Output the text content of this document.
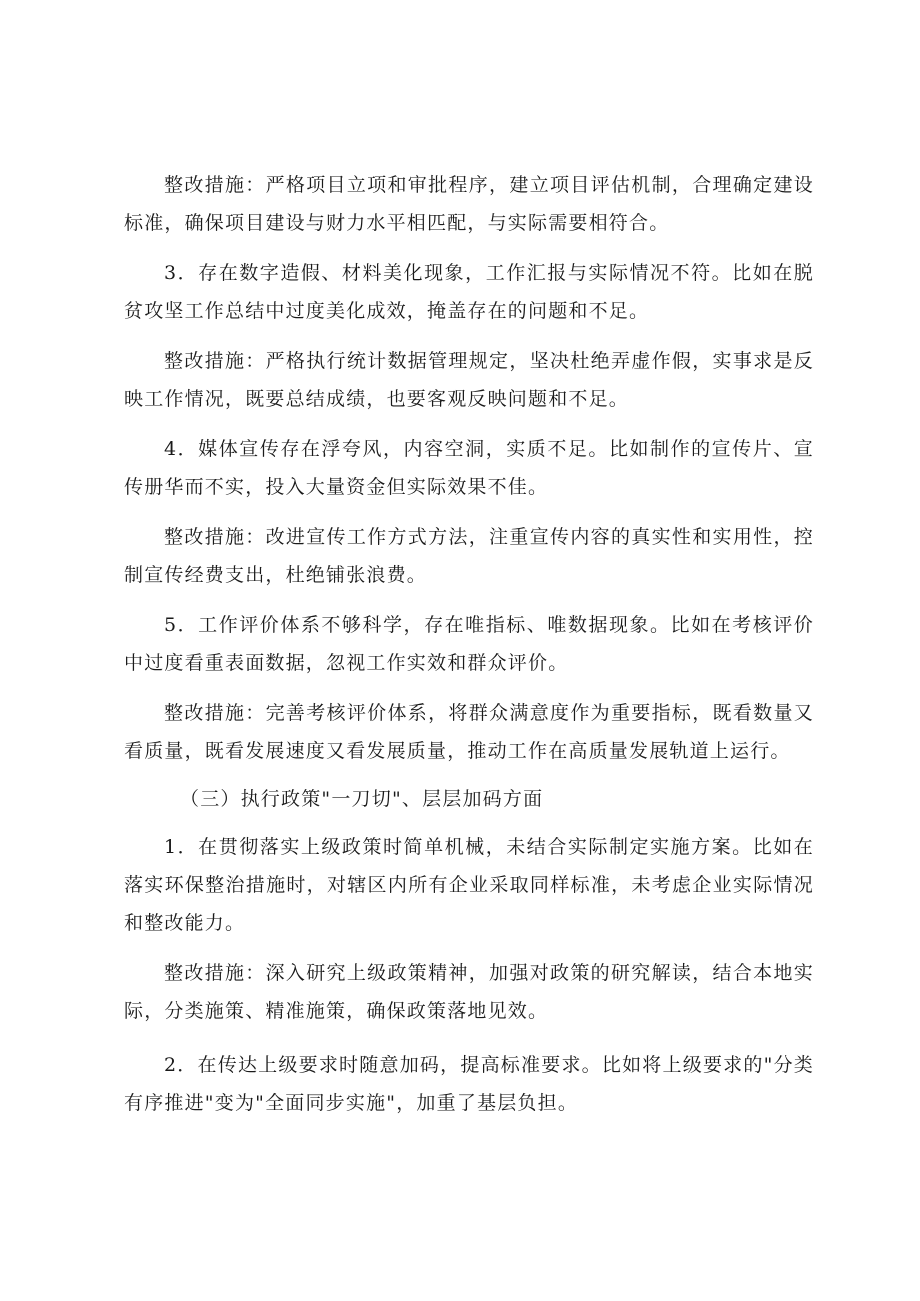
整改措施：严格项目立项和审批程序，建立项目评估机制，合理确定建设标准，确保项目建设与财力水平相匹配，与实际需要相符合。

3．存在数字造假、材料美化现象，工作汇报与实际情况不符。比如在脱贫攻坚工作总结中过度美化成效，掩盖存在的问题和不足。

整改措施：严格执行统计数据管理规定，坚决杜绝弄虚作假，实事求是反映工作情况，既要总结成绩，也要客观反映问题和不足。

4．媒体宣传存在浮夸风，内容空洞，实质不足。比如制作的宣传片、宣传册华而不实，投入大量资金但实际效果不佳。

整改措施：改进宣传工作方式方法，注重宣传内容的真实性和实用性，控制宣传经费支出，杜绝铺张浪费。

5．工作评价体系不够科学，存在唯指标、唯数据现象。比如在考核评价中过度看重表面数据，忽视工作实效和群众评价。

整改措施：完善考核评价体系，将群众满意度作为重要指标，既看数量又看质量，既看发展速度又看发展质量，推动工作在高质量发展轨道上运行。

（三）执行政策"一刀切"、层层加码方面

1．在贯彻落实上级政策时简单机械，未结合实际制定实施方案。比如在落实环保整治措施时，对辖区内所有企业采取同样标准，未考虑企业实际情况和整改能力。

整改措施：深入研究上级政策精神，加强对政策的研究解读，结合本地实际，分类施策、精准施策，确保政策落地见效。

2．在传达上级要求时随意加码，提高标准要求。比如将上级要求的"分类有序推进"变为"全面同步实施"，加重了基层负担。
